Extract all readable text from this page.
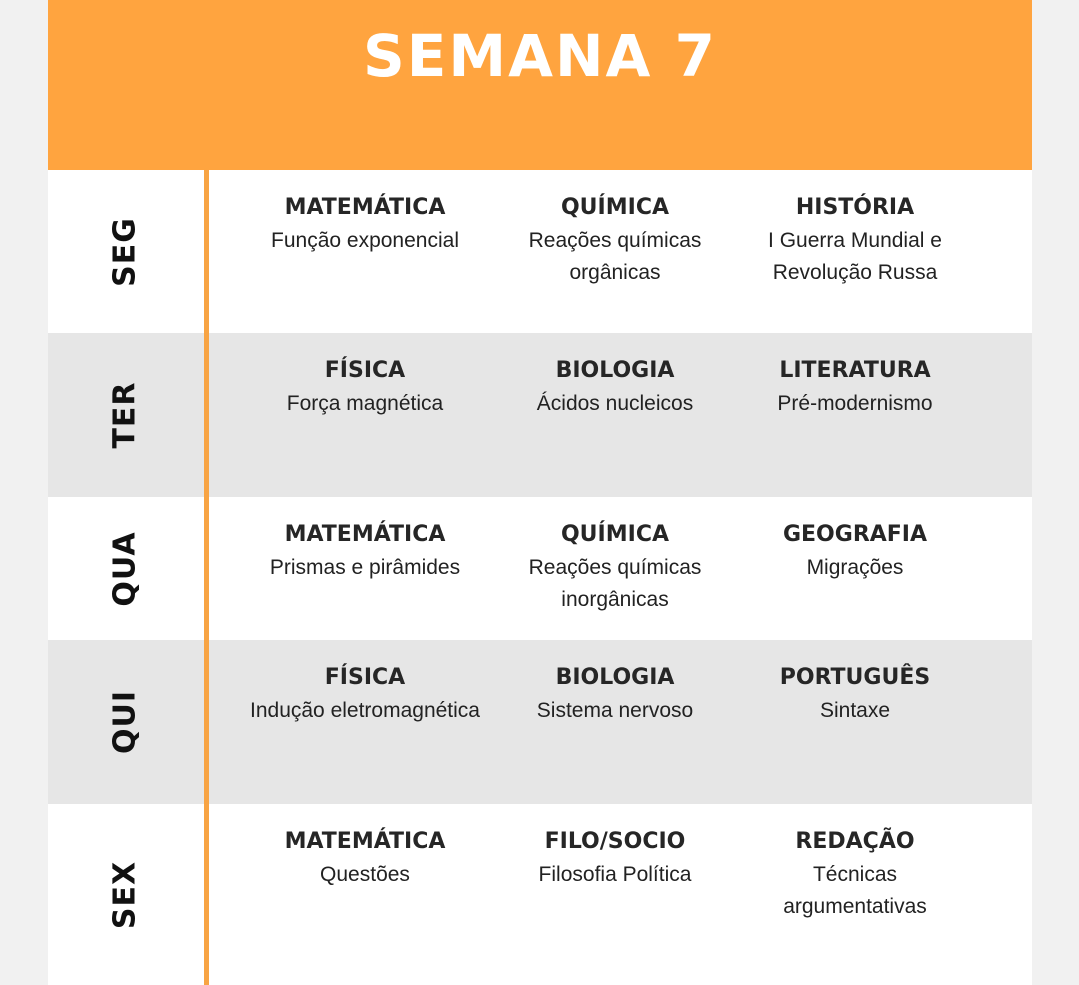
SEMANA 7
SEG
MATEMÁTICA
Função exponencial
QUÍMICA
Reações químicas orgânicas
HISTÓRIA
I Guerra Mundial e Revolução Russa
TER
FÍSICA
Força magnética
BIOLOGIA
Ácidos nucleicos
LITERATURA
Pré-modernismo
QUA	MATEMÁTICA
Prismas e pirâmides
QUÍMICA
Reações químicas inorgânicas
GEOGRAFIA
Migrações
QUI
FÍSICA
Indução eletromagnética
BIOLOGIA
Sistema nervoso
PORTUGUÊS
Sintaxe
SEX
MATEMÁTICA
Questões
FILO/SOCIO
Filosofia Política
REDAÇÃO
Técnicas argumentativas
